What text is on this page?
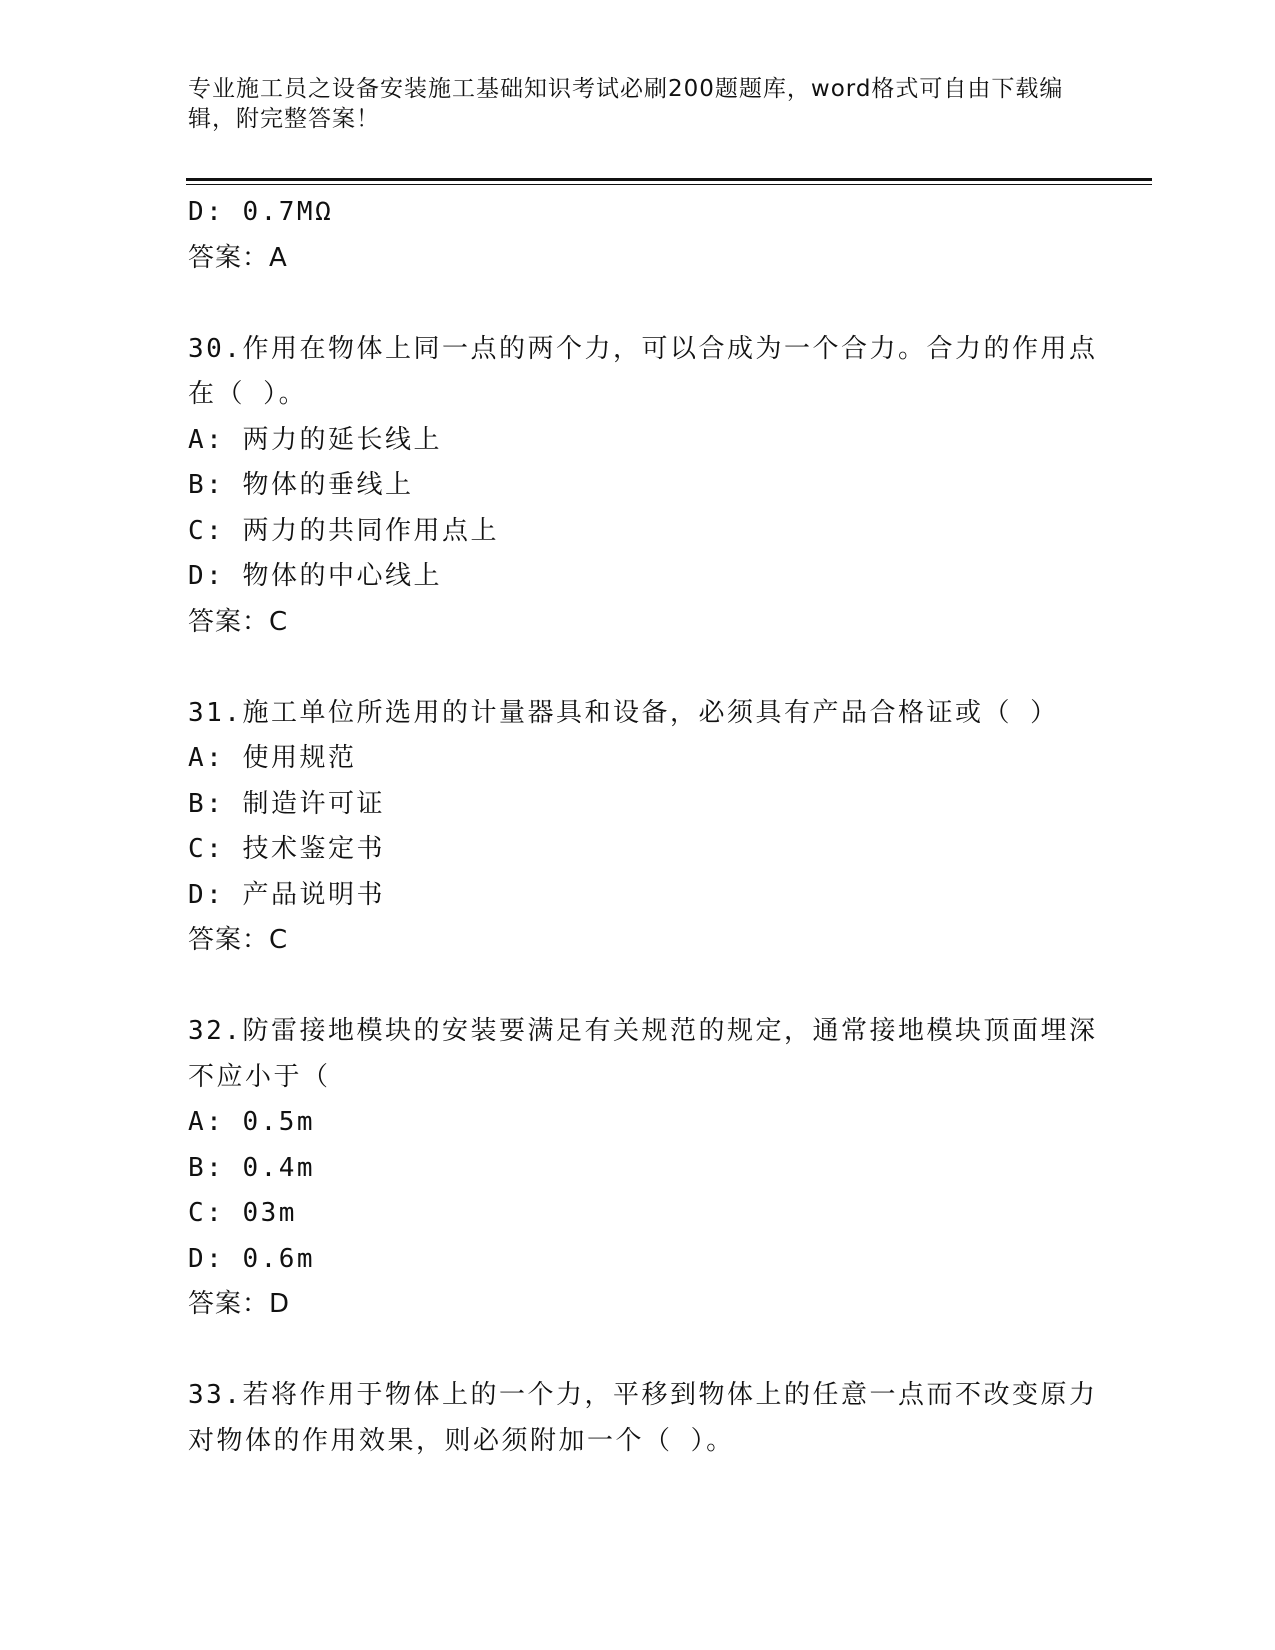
专业施工员之设备安装施工基础知识考试必刷200题题库，word格式可自由下载编辑，附完整答案！
D: 0.7MΩ
答案：A
30.作用在物体上同一点的两个力，可以合成为一个合力。合力的作用点在（ ）。
A: 两力的延长线上
B: 物体的垂线上
C: 两力的共同作用点上
D: 物体的中心线上
答案：C
31.施工单位所选用的计量器具和设备，必须具有产品合格证或（ ）
A: 使用规范
B: 制造许可证
C: 技术鉴定书
D: 产品说明书
答案：C
32.防雷接地模块的安装要满足有关规范的规定，通常接地模块顶面埋深不应小于（
A: 0.5m
B: 0.4m
C: 03m
D: 0.6m
答案：D
33.若将作用于物体上的一个力，平移到物体上的任意一点而不改变原力对物体的作用效果，则必须附加一个（ ）。
